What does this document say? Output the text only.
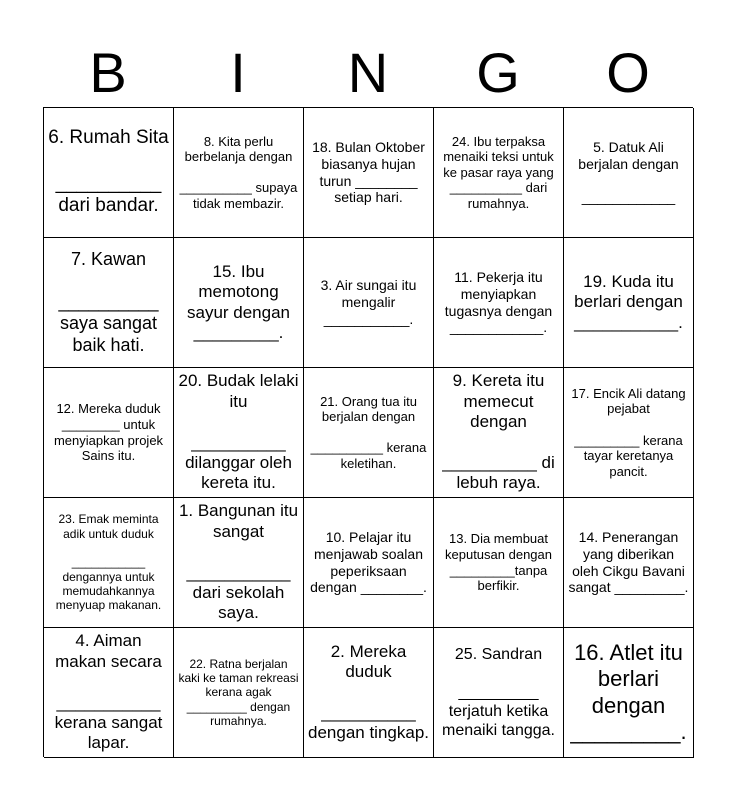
B	I	N	G	O
6. Rumah Sita

__________ dari bandar.
8. Kita perlu berbelanja dengan

__________ supaya tidak membazir.
18. Bulan Oktober biasanya hujan turun ________ setiap hari.
24. Ibu terpaksa menaiki teksi untuk ke pasar raya yang __________ dari rumahnya.
5. Datuk Ali berjalan dengan

____________
7. Kawan

__________ saya sangat baik hati.
15. Ibu memotong sayur dengan _________.
3. Air sungai itu mengalir ___________.
11. Pekerja itu menyiapkan tugasnya dengan ____________.
19. Kuda itu berlari dengan ___________.
12. Mereka duduk ________ untuk menyiapkan projek Sains itu.
20. Budak lelaki itu

__________ dilanggar oleh kereta itu.
21. Orang tua itu berjalan dengan

__________ kerana keletihan.
9. Kereta itu memecut dengan

__________ di lebuh raya.
17. Encik Ali datang pejabat

_________ kerana tayar keretanya pancit.
23. Emak meminta adik untuk duduk

___________ dengannya untuk memudahkannya menyuap makanan.
1. Bangunan itu sangat

___________ dari sekolah saya.
10. Pelajar itu menjawab soalan peperiksaan dengan ________.
13. Dia membuat keputusan dengan _________tanpa berfikir.
14. Penerangan yang diberikan oleh Cikgu Bavani sangat _________.
4. Aiman makan secara

___________ kerana sangat lapar.
22. Ratna berjalan kaki ke taman rekreasi kerana agak _________ dengan rumahnya.
2. Mereka duduk

__________ dengan tingkap.
25. Sandran

_________ terjatuh ketika menaiki tangga.
16. Atlet itu berlari dengan _________.
